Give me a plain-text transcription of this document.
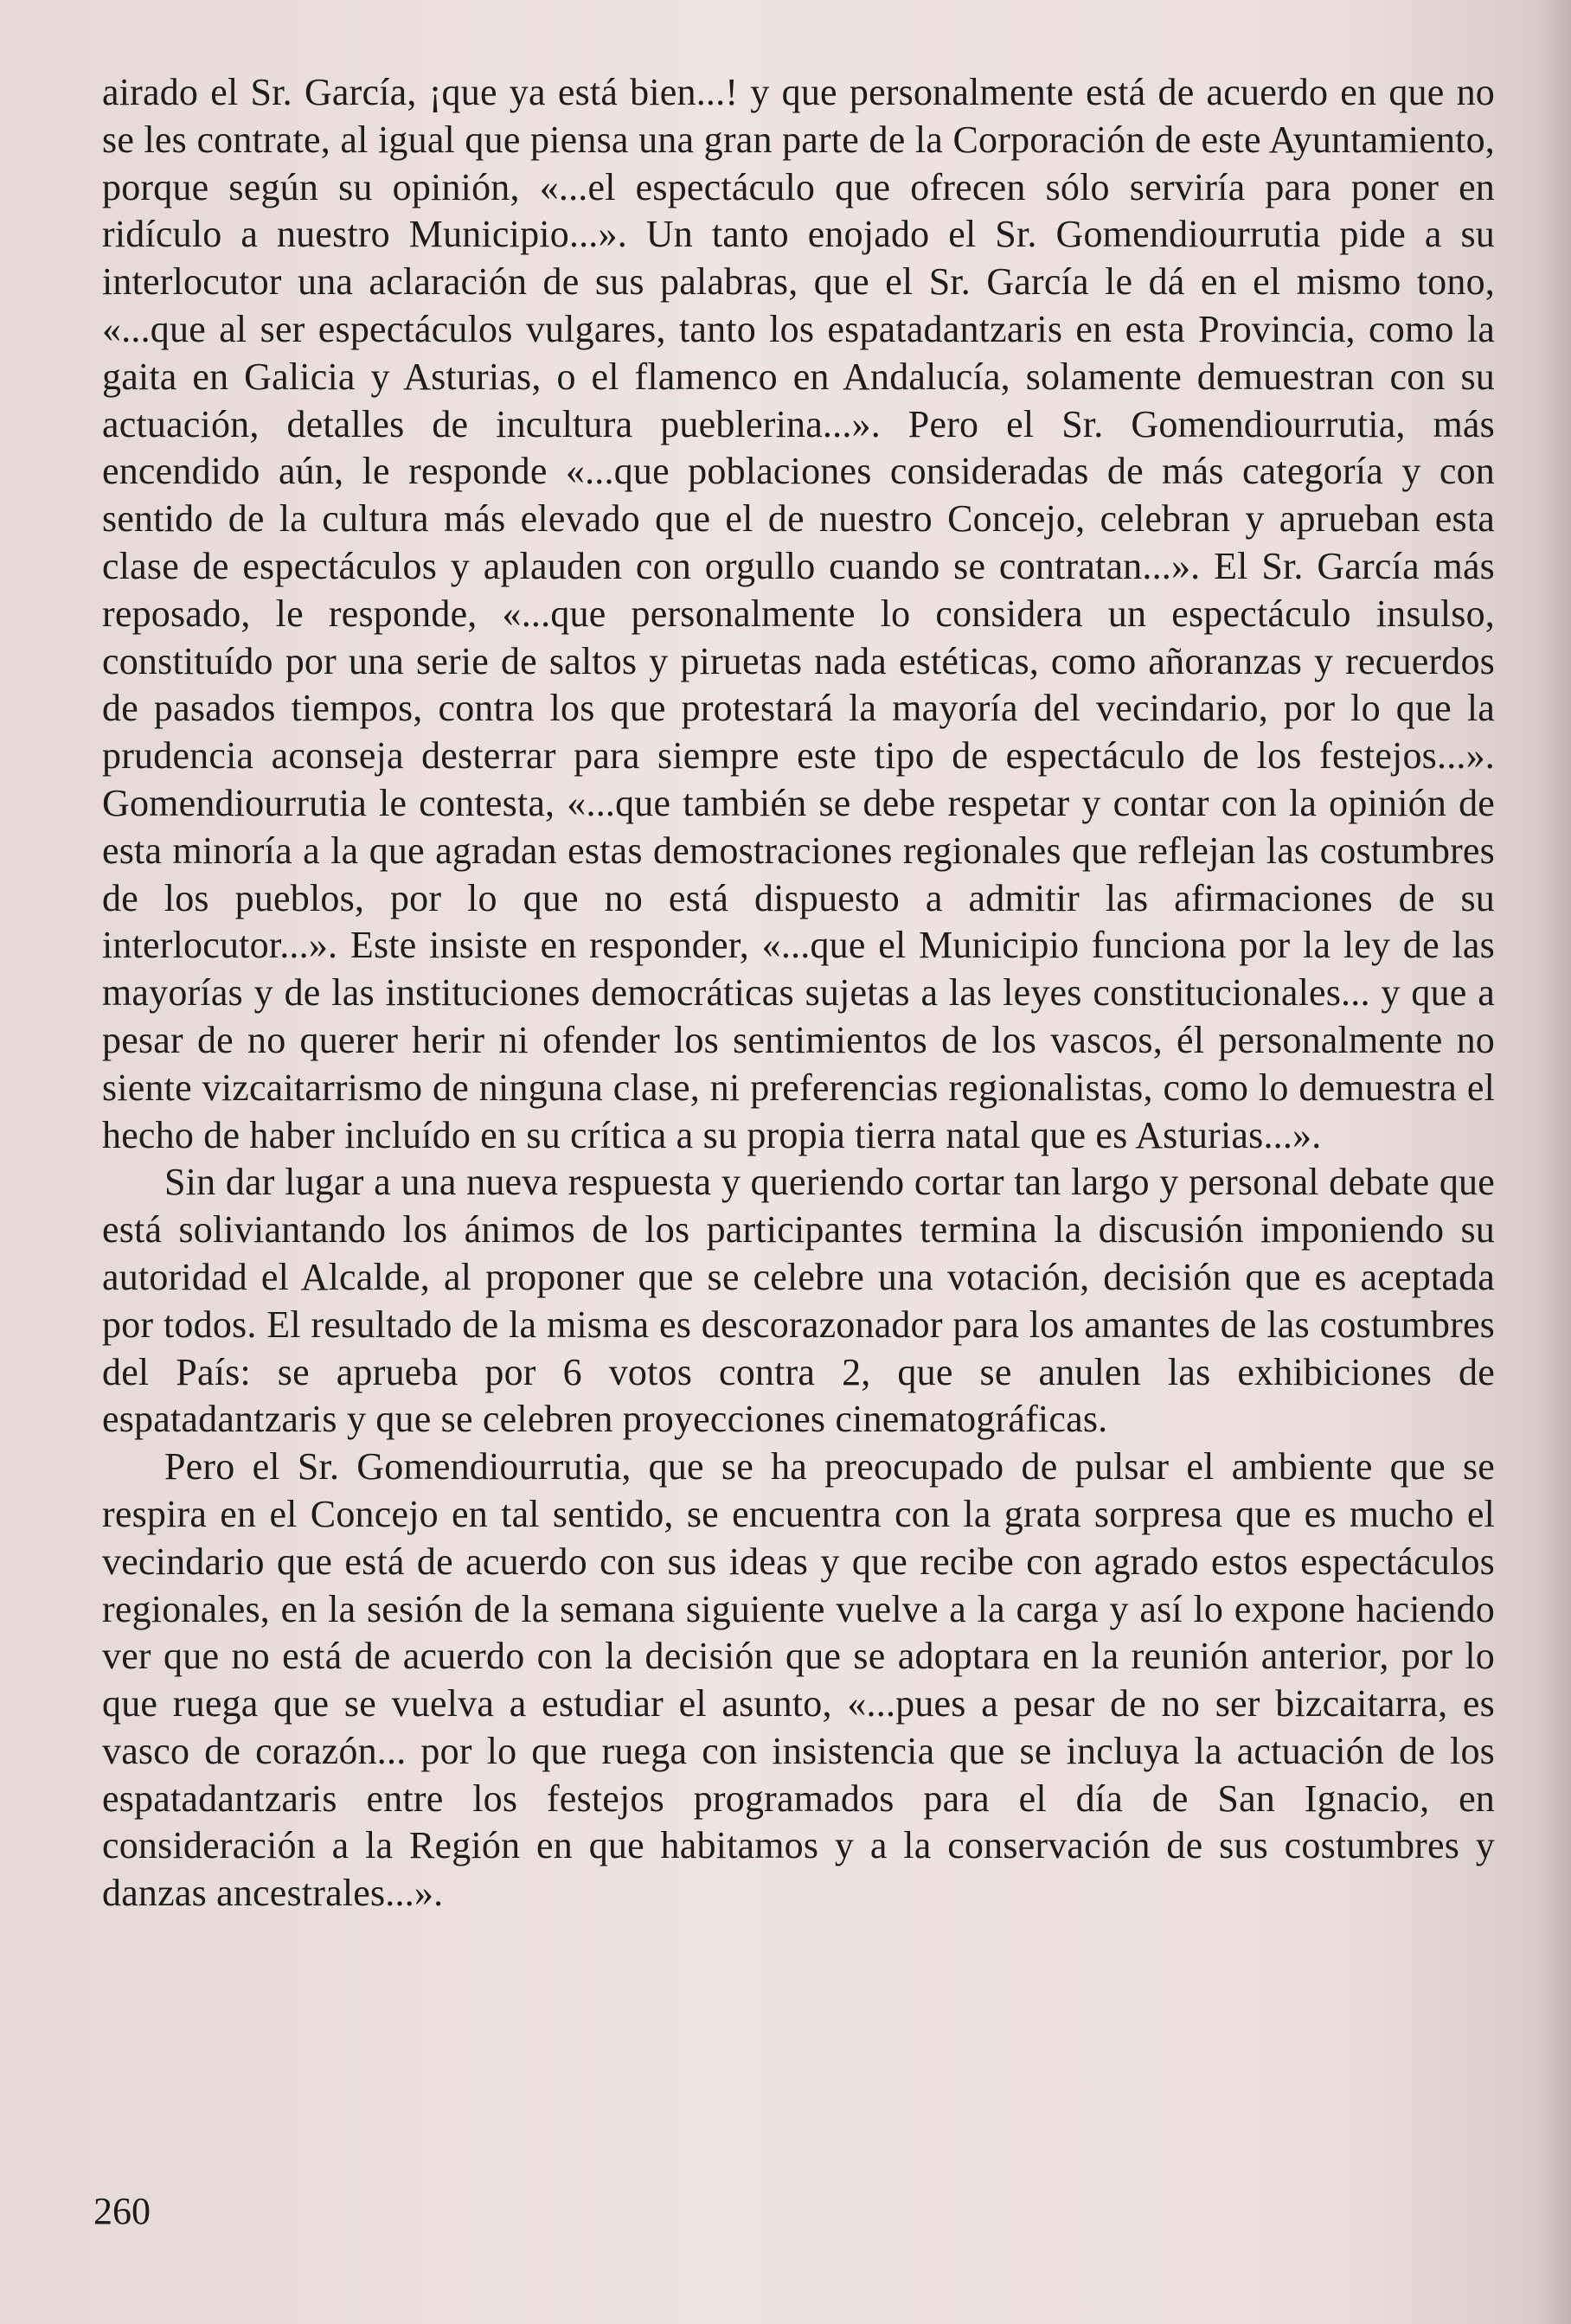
airado el Sr. García, ¡que ya está bien...! y que personalmente está de acuerdo en que no se les contrate, al igual que piensa una gran parte de la Corporación de este Ayuntamiento, porque según su opinión, «...el espectáculo que ofrecen sólo serviría para poner en ridículo a nuestro Municipio...». Un tanto enojado el Sr. Gomendiourrutia pide a su interlocutor una aclaración de sus palabras, que el Sr. García le dá en el mismo tono, «...que al ser espectáculos vulgares, tanto los espatadantzaris en esta Provincia, como la gaita en Galicia y Asturias, o el flamenco en Andalucía, solamente demuestran con su actuación, detalles de incultura pueblerina...». Pero el Sr. Gomendiourrutia, más encendido aún, le responde «...que poblaciones consideradas de más categoría y con sentido de la cultura más elevado que el de nuestro Concejo, celebran y aprueban esta clase de espectáculos y aplauden con orgullo cuando se contratan...». El Sr. García más reposado, le responde, «...que personalmente lo considera un espectáculo insulso, constituído por una serie de saltos y piruetas nada estéticas, como añoranzas y recuerdos de pasados tiempos, contra los que protestará la mayoría del vecindario, por lo que la prudencia aconseja desterrar para siempre este tipo de espectáculo de los festejos...». Gomendiourrutia le contesta, «...que también se debe respetar y contar con la opinión de esta minoría a la que agradan estas demostraciones regionales que reflejan las costumbres de los pueblos, por lo que no está dispuesto a admitir las afirmaciones de su interlocutor...». Este insiste en responder, «...que el Municipio funciona por la ley de las mayorías y de las instituciones democráticas sujetas a las leyes constitucionales... y que a pesar de no querer herir ni ofender los sentimientos de los vascos, él personalmente no siente vizcaitarrismo de ninguna clase, ni preferencias regionalistas, como lo demuestra el hecho de haber incluído en su crítica a su propia tierra natal que es Asturias...».

Sin dar lugar a una nueva respuesta y queriendo cortar tan largo y personal debate que está soliviantando los ánimos de los participantes termina la discusión imponiendo su autoridad el Alcalde, al proponer que se celebre una votación, decisión que es aceptada por todos. El resultado de la misma es descorazonador para los amantes de las costumbres del País: se aprueba por 6 votos contra 2, que se anulen las exhibiciones de espatadantzaris y que se celebren proyecciones cinematográficas.

Pero el Sr. Gomendiourrutia, que se ha preocupado de pulsar el ambiente que se respira en el Concejo en tal sentido, se encuentra con la grata sorpresa que es mucho el vecindario que está de acuerdo con sus ideas y que recibe con agrado estos espectáculos regionales, en la sesión de la semana siguiente vuelve a la carga y así lo expone haciendo ver que no está de acuerdo con la decisión que se adoptara en la reunión anterior, por lo que ruega que se vuelva a estudiar el asunto, «...pues a pesar de no ser bizcaitarra, es vasco de corazón... por lo que ruega con insistencia que se incluya la actuación de los espatadantzaris entre los festejos programados para el día de San Ignacio, en consideración a la Región en que habitamos y a la conservación de sus costumbres y danzas ancestrales...».

260
